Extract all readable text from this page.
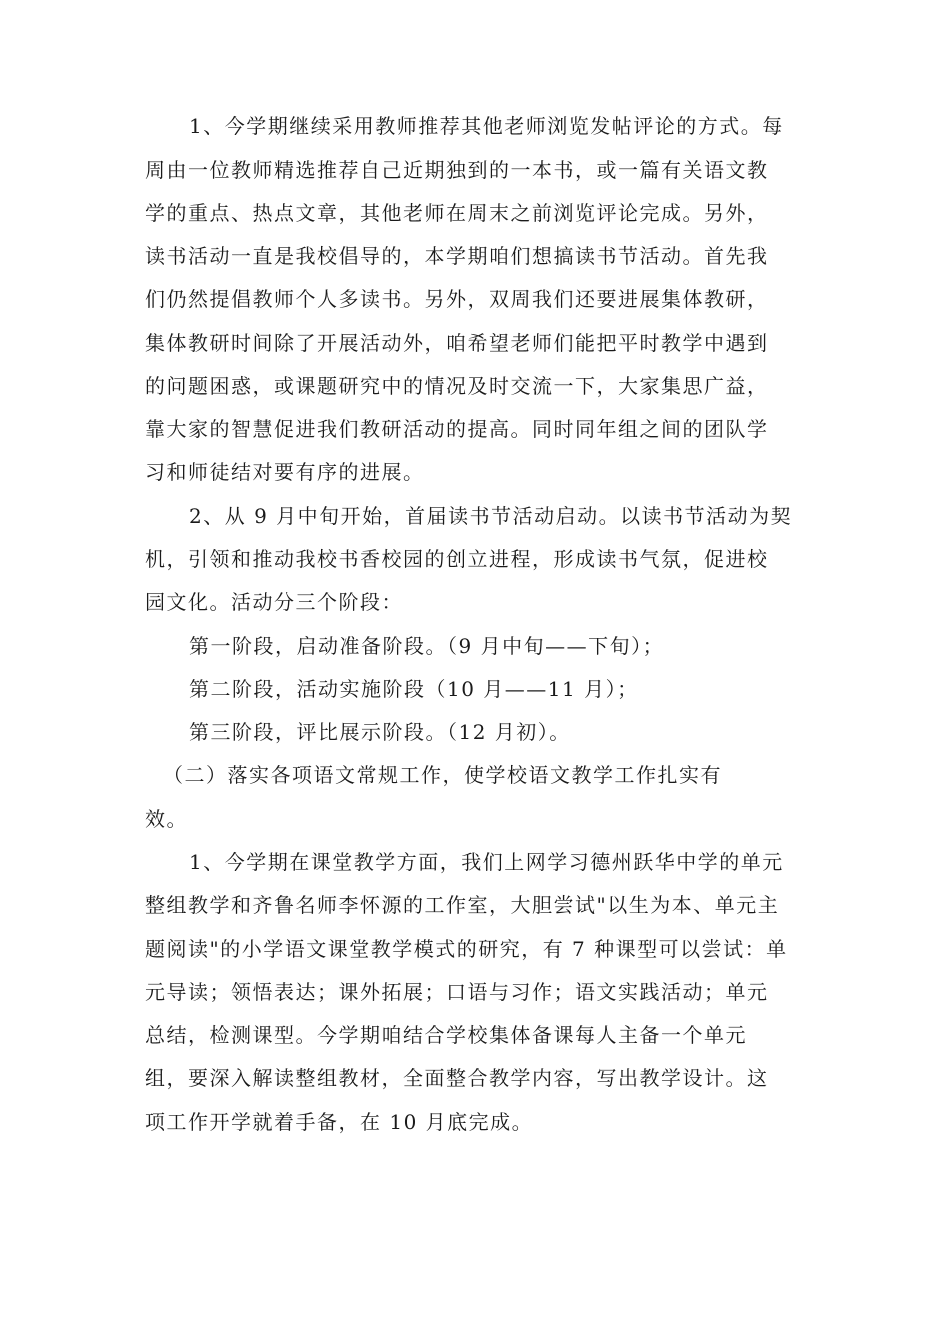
1、今学期继续采用教师推荐其他老师浏览发帖评论的方式。每
周由一位教师精选推荐自己近期独到的一本书，或一篇有关语文教
学的重点、热点文章，其他老师在周末之前浏览评论完成。另外，
读书活动一直是我校倡导的，本学期咱们想搞读书节活动。首先我
们仍然提倡教师个人多读书。另外，双周我们还要进展集体教研，
集体教研时间除了开展活动外，咱希望老师们能把平时教学中遇到
的问题困惑，或课题研究中的情况及时交流一下，大家集思广益，
靠大家的智慧促进我们教研活动的提高。同时同年组之间的团队学
习和师徒结对要有序的进展。
2、从 9 月中旬开始，首届读书节活动启动。以读书节活动为契
机，引领和推动我校书香校园的创立进程，形成读书气氛，促进校
园文化。活动分三个阶段：
第一阶段，启动准备阶段。（9 月中旬——下旬）；
第二阶段，活动实施阶段（10 月——11 月）；
第三阶段，评比展示阶段。（12 月初）。
（二）落实各项语文常规工作，使学校语文教学工作扎实有
效。
1、今学期在课堂教学方面，我们上网学习德州跃华中学的单元
整组教学和齐鲁名师李怀源的工作室，大胆尝试"以生为本、单元主
题阅读"的小学语文课堂教学模式的研究，有 7 种课型可以尝试：单
元导读；领悟表达；课外拓展；口语与习作；语文实践活动；单元
总结，检测课型。今学期咱结合学校集体备课每人主备一个单元
组，要深入解读整组教材，全面整合教学内容，写出教学设计。这
项工作开学就着手备，在 10 月底完成。
